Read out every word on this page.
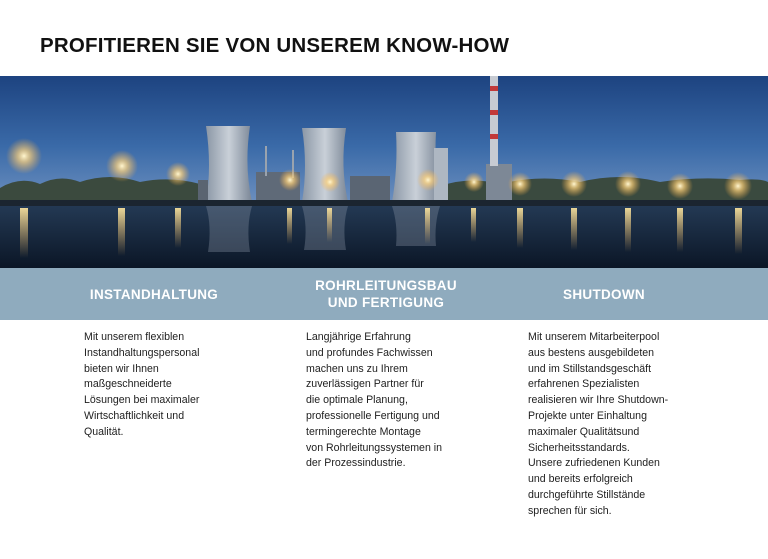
PROFITIEREN SIE VON UNSEREM KNOW-HOW
INSTANDHALTUNG
ROHRLEITUNGSBAU
UND FERTIGUNG
SHUTDOWN
Mit unserem flexiblen
Instandhaltungspersonal
bieten wir Ihnen
maßgeschneiderte
Lösungen bei maximaler
Wirtschaftlichkeit und
Qualität.
Langjährige Erfahrung
und profundes Fachwissen
machen uns zu Ihrem
zuverlässigen Partner für
die optimale Planung,
professionelle Fertigung und
termingerechte Montage
von Rohrleitungssystemen in
der Prozessindustrie.
Mit unserem Mitarbeiterpool
aus bestens ausgebildeten
und im Stillstandsgeschäft
erfahrenen Spezialisten
realisieren wir Ihre Shutdown-
Projekte unter Einhaltung
maximaler Qualitätsund
Sicherheitsstandards.
Unsere zufriedenen Kunden
und bereits erfolgreich
durchgeführte Stillstände
sprechen für sich.
